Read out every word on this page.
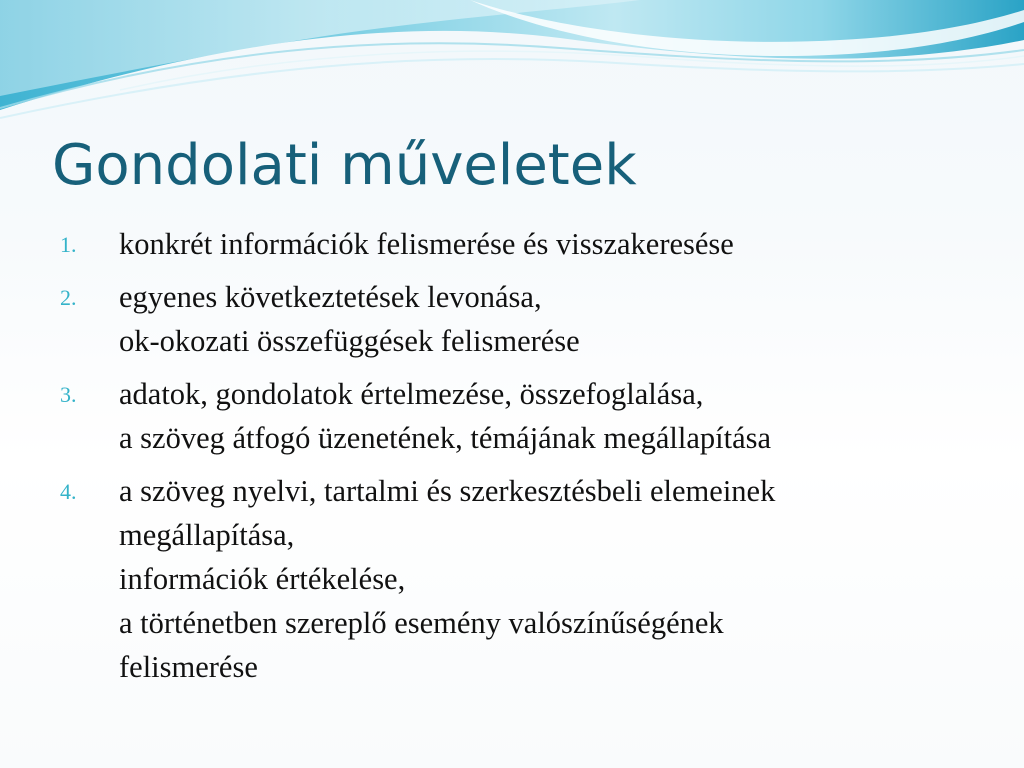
Gondolati műveletek
1. konkrét információk felismerése és visszakeresése
2. egyenes következtetések levonása,
ok-okozati összefüggések felismerése
3. adatok, gondolatok értelmezése, összefoglalása,
a szöveg átfogó üzenetének, témájának megállapítása
4. a szöveg nyelvi, tartalmi és szerkesztésbeli elemeinek
megállapítása,
információk értékelése,
a történetben szereplő esemény valószínűségének
felismerése
